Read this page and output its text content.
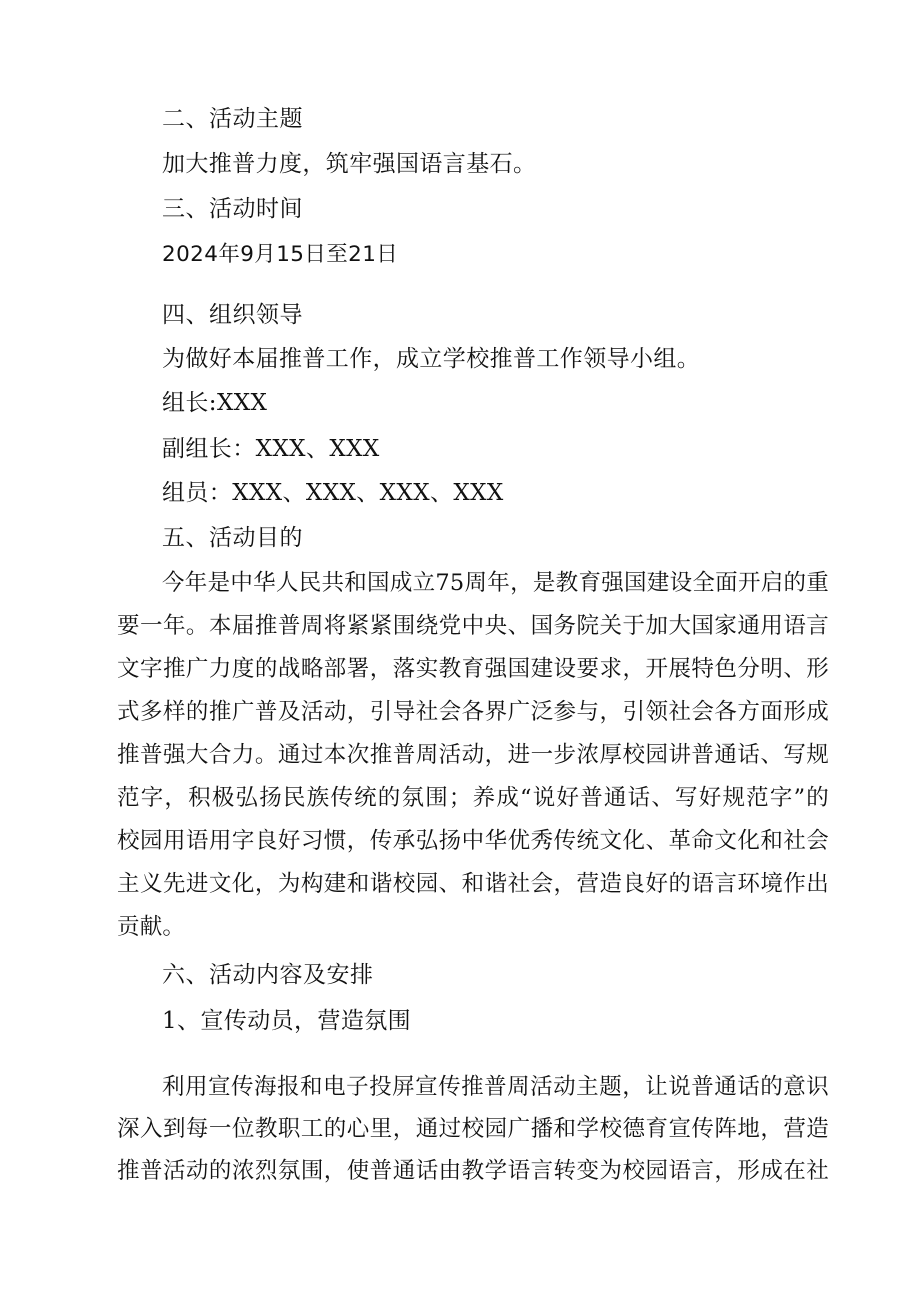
二、活动主题
加大推普力度，筑牢强国语言基石。
三、活动时间
2024年9月15日至21日
四、组织领导
为做好本届推普工作，成立学校推普工作领导小组。
组长:XXX
副组长：XXX、XXX
组员：XXX、XXX、XXX、XXX
五、活动目的
今年是中华人民共和国成立75周年，是教育强国建设全面开启的重
要一年。本届推普周将紧紧围绕党中央、国务院关于加大国家通用语言
文字推广力度的战略部署，落实教育强国建设要求，开展特色分明、形
式多样的推广普及活动，引导社会各界广泛参与，引领社会各方面形成
推普强大合力。通过本次推普周活动，进一步浓厚校园讲普通话、写规
范字，积极弘扬民族传统的氛围；养成“说好普通话、写好规范字”的
校园用语用字良好习惯，传承弘扬中华优秀传统文化、革命文化和社会
主义先进文化，为构建和谐校园、和谐社会，营造良好的语言环境作出
贡献。
六、活动内容及安排
1、宣传动员，营造氛围
利用宣传海报和电子投屏宣传推普周活动主题，让说普通话的意识
深入到每一位教职工的心里，通过校园广播和学校德育宣传阵地，营造
推普活动的浓烈氛围，使普通话由教学语言转变为校园语言，形成在社
